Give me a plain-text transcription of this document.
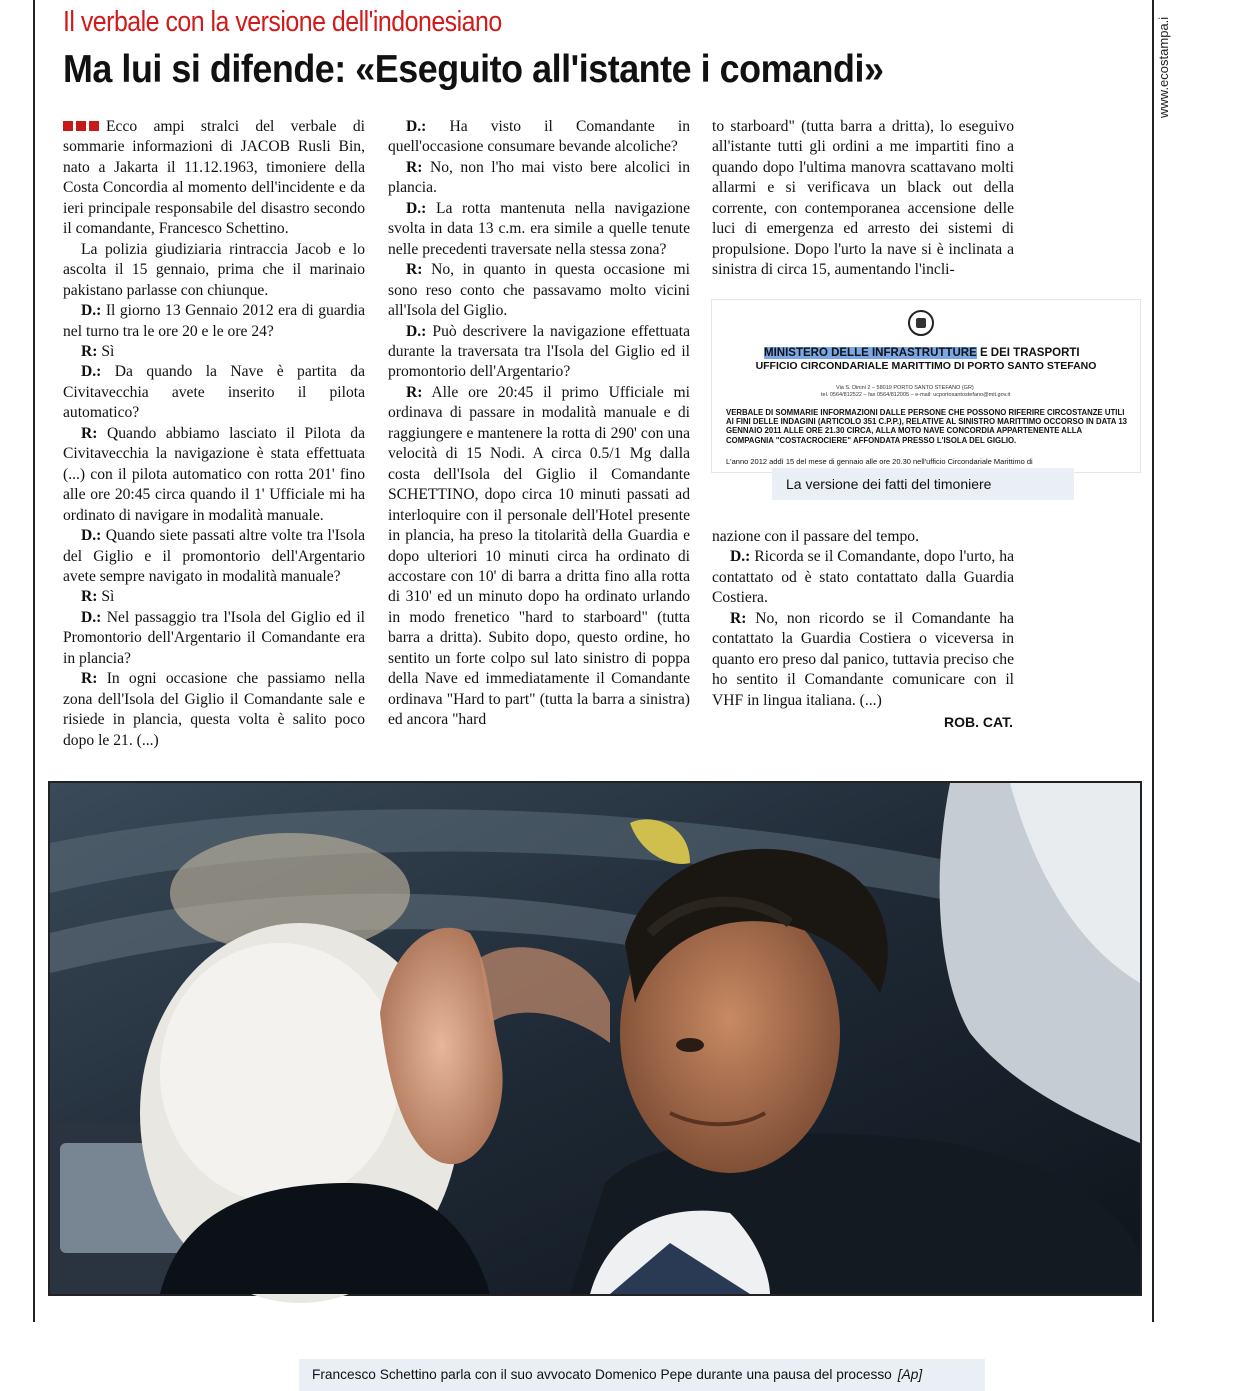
www.ecostampa.i
Il verbale con la versione dell'indonesiano
Ma lui si difende: «Eseguito all'istante i comandi»

Ecco ampi stralci del verbale di sommarie informazioni di JACOB Rusli Bin, nato a Jakarta il 11.12.1963, timoniere della Costa Concordia al momento dell'incidente e da ieri principale responsabile del disastro secondo il comandante, Francesco Schettino.

La polizia giudiziaria rintraccia Jacob e lo ascolta il 15 gennaio, prima che il marinaio pakistano parlasse con chiunque.

D.: Il giorno 13 Gennaio 2012 era di guardia nel turno tra le ore 20 e le ore 24?

R: Sì

D.: Da quando la Nave è partita da Civitavecchia avete inserito il pilota automatico?

R: Quando abbiamo lasciato il Pilota da Civitavecchia la navigazione è stata effettuata (...) con il pilota automatico con rotta 201' fino alle ore 20:45 circa quando il 1' Ufficiale mi ha ordinato di navigare in modalità manuale.

D.: Quando siete passati altre volte tra l'Isola del Giglio e il promontorio dell'Argentario avete sempre navigato in modalità manuale?

R: Sì

D.: Nel passaggio tra l'Isola del Giglio ed il Promontorio dell'Argentario il Comandante era in plancia?

R: In ogni occasione che passiamo nella zona dell'Isola del Giglio il Comandante sale e risiede in plancia, questa volta è salito poco dopo le 21. (...)

D.: Ha visto il Comandante in quell'occasione consumare bevande alcoliche?

R: No, non l'ho mai visto bere alcolici in plancia.

D.: La rotta mantenuta nella navigazione svolta in data 13 c.m. era simile a quelle tenute nelle precedenti traversate nella stessa zona?

R: No, in quanto in questa occasione mi sono reso conto che passavamo molto vicini all'Isola del Giglio.

D.: Può descrivere la navigazione effettuata durante la traversata tra l'Isola del Giglio ed il promontorio dell'Argentario?

R: Alle ore 20:45 il primo Ufficiale mi ordinava di passare in modalità manuale e di raggiungere e mantenere la rotta di 290' con una velocità di 15 Nodi. A circa 0.5/1 Mg dalla costa dell'Isola del Giglio il Comandante SCHETTINO, dopo circa 10 minuti passati ad interloquire con il personale dell'Hotel presente in plancia, ha preso la titolarità della Guardia e dopo ulteriori 10 minuti circa ha ordinato di accostare con 10' di barra a dritta fino alla rotta di 310' ed un minuto dopo ha ordinato urlando in modo frenetico "hard to starboard" (tutta barra a dritta). Subito dopo, questo ordine, ho sentito un forte colpo sul lato sinistro di poppa della Nave ed immediatamente il Comandante ordinava "Hard to part" (tutta la barra a sinistra) ed ancora "hard

to starboard" (tutta barra a dritta), lo eseguivo all'istante tutti gli ordini a me impartiti fino a quando dopo l'ultima manovra scattavano molti allarmi e si verificava un black out della corrente, con contemporanea accensione delle luci di emergenza ed arresto dei sistemi di propulsione. Dopo l'urto la nave si è inclinata a sinistra di circa 15, aumentando l'incli-

MINISTERO DELLE INFRASTRUTTURE E DEI TRASPORTI
UFFICIO CIRCONDARIALE MARITTIMO DI PORTO SANTO STEFANO
Via S. Dinini 2 – 58019 PORTO SANTO STEFANO (GR)
tel. 0564/812522 – fax 0564/812005 – e-mail: ucportosantostefano@mit.gov.it
VERBALE DI SOMMARIE INFORMAZIONI DALLE PERSONE CHE POSSONO RIFERIRE CIRCOSTANZE UTILI AI FINI DELLE INDAGINI (ARTICOLO 351 C.P.P.), RELATIVE AL SINISTRO MARITTIMO OCCORSO IN DATA 13 GENNAIO 2011 ALLE ORE 21.30 CIRCA, ALLA MOTO NAVE CONCORDIA APPARTENENTE ALLA COMPAGNIA "COSTACROCIERE" AFFONDATA PRESSO L'ISOLA DEL GIGLIO.
L'anno 2012 addì 15 del mese di gennaio alle ore 20.30 nell'ufficio Circondariale Marittimo di
La versione dei fatti del timoniere

nazione con il passare del tempo.

D.: Ricorda se il Comandante, dopo l'urto, ha contattato od è stato contattato dalla Guardia Costiera.

R: No, non ricordo se il Comandante ha contattato la Guardia Costiera o viceversa in quanto ero preso dal panico, tuttavia preciso che ho sentito il Comandante comunicare con il VHF in lingua italiana. (...)

ROB. CAT.
Francesco Schettino parla con il suo avvocato Domenico Pepe durante una pausa del processo [Ap]
